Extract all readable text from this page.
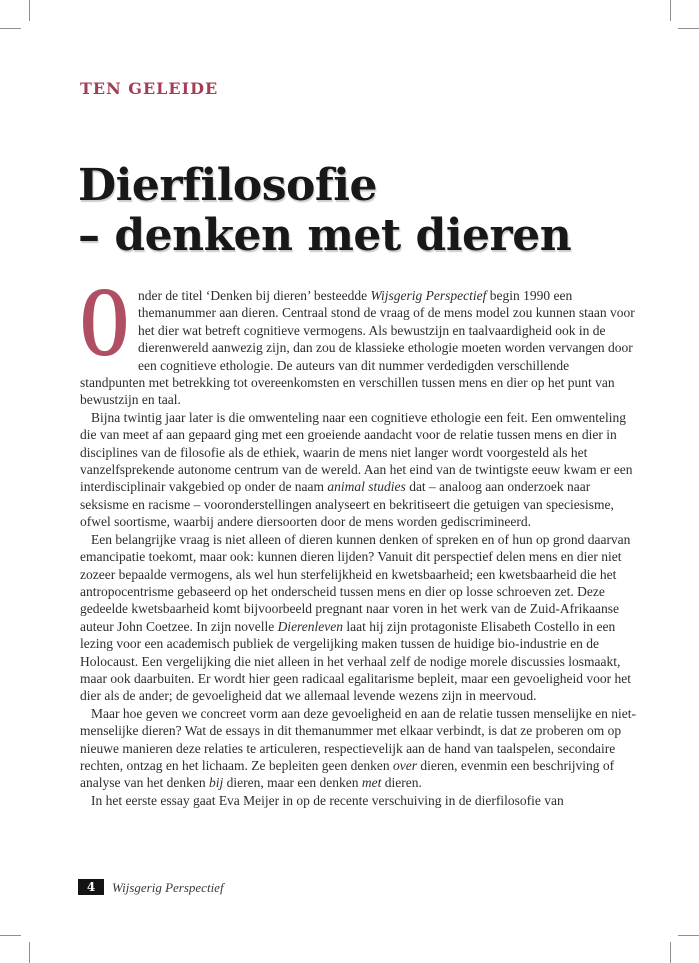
TEN GELEIDE
Dierfilosofie
– denken met dieren

Onder de titel ‘Denken bij dieren’ besteedde Wijsgerig Perspectief begin 1990 een themanummer aan dieren. Centraal stond de vraag of de mens model zou kunnen staan voor het dier wat betreft cognitieve vermogens. Als bewustzijn en taalvaardigheid ook in de dierenwereld aanwezig zijn, dan zou de klassieke ethologie moeten worden vervangen door een cognitieve ethologie. De auteurs van dit nummer verdedigden verschillende standpunten met betrekking tot overeenkomsten en verschillen tussen mens en dier op het punt van bewustzijn en taal.

Bijna twintig jaar later is die omwenteling naar een cognitieve ethologie een feit. Een omwenteling die van meet af aan gepaard ging met een groeiende aandacht voor de relatie tussen mens en dier in disciplines van de filosofie als de ethiek, waarin de mens niet langer wordt voorgesteld als het vanzelfsprekende autonome centrum van de wereld. Aan het eind van de twintigste eeuw kwam er een interdisciplinair vakgebied op onder de naam animal studies dat – analoog aan onderzoek naar seksisme en racisme – vooronderstellingen analyseert en bekritiseert die getuigen van speciesisme, ofwel soortisme, waarbij andere diersoorten door de mens worden gediscrimineerd.

Een belangrijke vraag is niet alleen of dieren kunnen denken of spreken en of hun op grond daarvan emancipatie toekomt, maar ook: kunnen dieren lijden? Vanuit dit perspectief delen mens en dier niet zozeer bepaalde vermogens, als wel hun sterfelijkheid en kwetsbaarheid; een kwetsbaarheid die het antropocentrisme gebaseerd op het onderscheid tussen mens en dier op losse schroeven zet. Deze gedeelde kwetsbaarheid komt bijvoorbeeld pregnant naar voren in het werk van de Zuid-Afrikaanse auteur John Coetzee. In zijn novelle Dierenleven laat hij zijn protagoniste Elisabeth Costello in een lezing voor een academisch publiek de vergelijking maken tussen de huidige bio-industrie en de Holocaust. Een vergelijking die niet alleen in het verhaal zelf de nodige morele discussies losmaakt, maar ook daarbuiten. Er wordt hier geen radicaal egalitarisme bepleit, maar een gevoeligheid voor het dier als de ander; de gevoeligheid dat we allemaal levende wezens zijn in meervoud.

Maar hoe geven we concreet vorm aan deze gevoeligheid en aan de relatie tussen menselijke en niet-menselijke dieren? Wat de essays in dit themanummer met elkaar verbindt, is dat ze proberen om op nieuwe manieren deze relaties te articuleren, respectievelijk aan de hand van taalspelen, secondaire rechten, ontzag en het lichaam. Ze bepleiten geen denken over dieren, evenmin een beschrijving of analyse van het denken bij dieren, maar een denken met dieren.

In het eerste essay gaat Eva Meijer in op de recente verschuiving in de dierfilosofie van

4	Wijsgerig Perspectief
